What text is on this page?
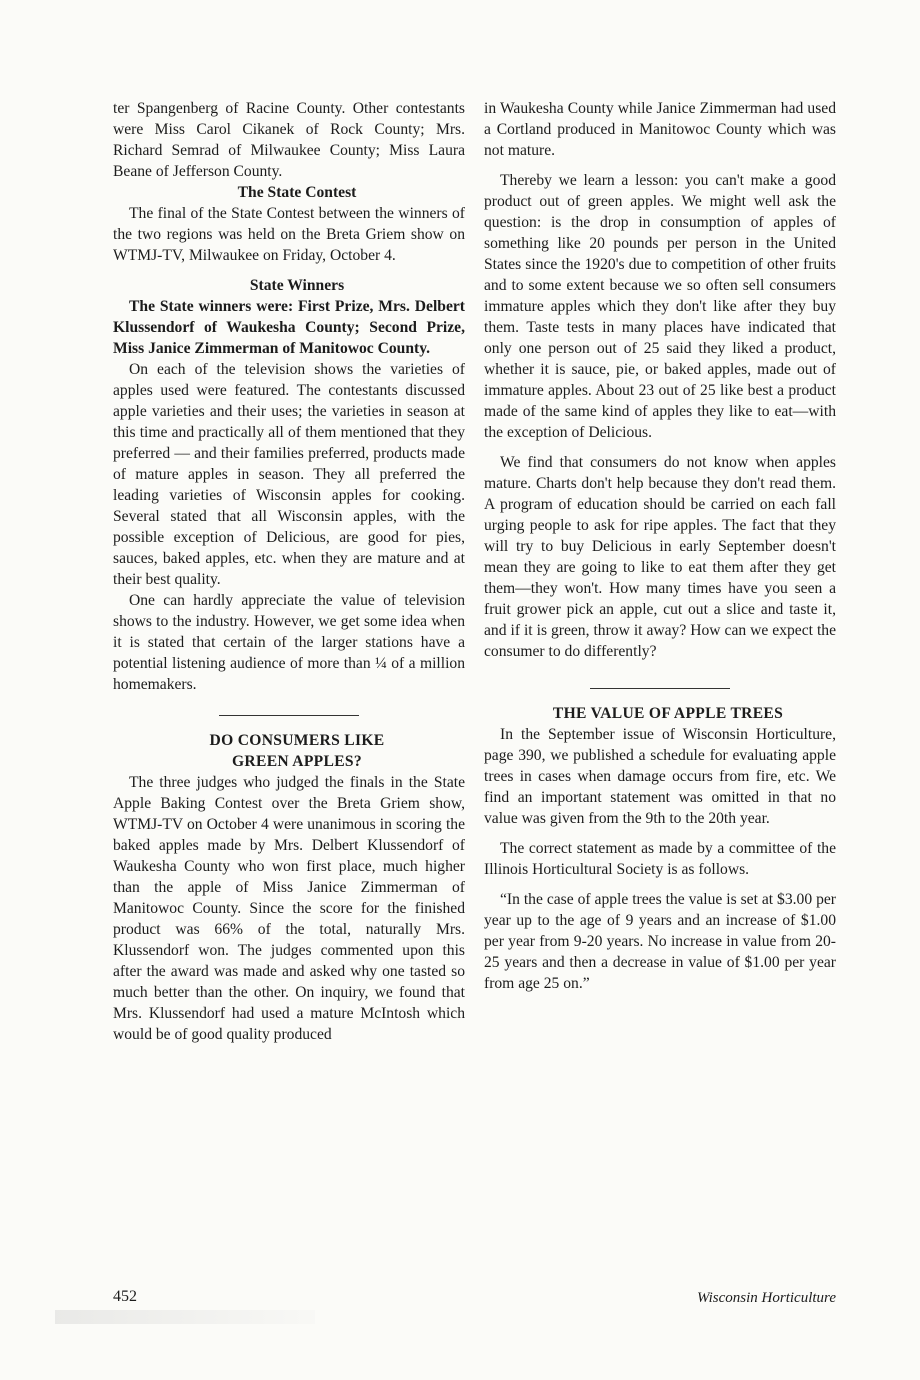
ter Spangenberg of Racine County. Other contestants were Miss Carol Cikanek of Rock County; Mrs. Richard Semrad of Milwaukee County; Miss Laura Beane of Jefferson County.

The State Contest

The final of the State Contest between the winners of the two regions was held on the Breta Griem show on WTMJ-TV, Milwaukee on Friday, October 4.

State Winners

The State winners were: First Prize, Mrs. Delbert Klussendorf of Waukesha County; Second Prize, Miss Janice Zimmerman of Manitowoc County.

On each of the television shows the varieties of apples used were featured. The contestants discussed apple varieties and their uses; the varieties in season at this time and practically all of them mentioned that they preferred — and their families preferred, products made of mature apples in season. They all preferred the leading varieties of Wisconsin apples for cooking. Several stated that all Wisconsin apples, with the possible exception of Delicious, are good for pies, sauces, baked apples, etc. when they are mature and at their best quality.

One can hardly appreciate the value of television shows to the industry. However, we get some idea when it is stated that certain of the larger stations have a potential listening audience of more than ¼ of a million homemakers.

DO CONSUMERS LIKE

GREEN APPLES?

The three judges who judged the finals in the State Apple Baking Contest over the Breta Griem show, WTMJ-TV on October 4 were unanimous in scoring the baked apples made by Mrs. Delbert Klussendorf of Waukesha County who won first place, much higher than the apple of Miss Janice Zimmerman of Manitowoc County. Since the score for the finished product was 66% of the total, naturally Mrs. Klussendorf won. The judges commented upon this after the award was made and asked why one tasted so much better than the other. On inquiry, we found that Mrs. Klussendorf had used a mature McIntosh which would be of good quality produced

in Waukesha County while Janice Zimmerman had used a Cortland produced in Manitowoc County which was not mature.

Thereby we learn a lesson: you can't make a good product out of green apples. We might well ask the question: is the drop in consumption of apples of something like 20 pounds per person in the United States since the 1920's due to competition of other fruits and to some extent because we so often sell consumers immature apples which they don't like after they buy them. Taste tests in many places have indicated that only one person out of 25 said they liked a product, whether it is sauce, pie, or baked apples, made out of immature apples. About 23 out of 25 like best a product made of the same kind of apples they like to eat—with the exception of Delicious.

We find that consumers do not know when apples mature. Charts don't help because they don't read them. A program of education should be carried on each fall urging people to ask for ripe apples. The fact that they will try to buy Delicious in early September doesn't mean they are going to like to eat them after they get them—they won't. How many times have you seen a fruit grower pick an apple, cut out a slice and taste it, and if it is green, throw it away? How can we expect the consumer to do differently?

THE VALUE OF APPLE TREES

In the September issue of Wisconsin Horticulture, page 390, we published a schedule for evaluating apple trees in cases when damage occurs from fire, etc. We find an important statement was omitted in that no value was given from the 9th to the 20th year.

The correct statement as made by a committee of the Illinois Horticultural Society is as follows.

“In the case of apple trees the value is set at $3.00 per year up to the age of 9 years and an increase of $1.00 per year from 9-20 years. No increase in value from 20-25 years and then a decrease in value of $1.00 per year from age 25 on.”

452	Wisconsin Horticulture
